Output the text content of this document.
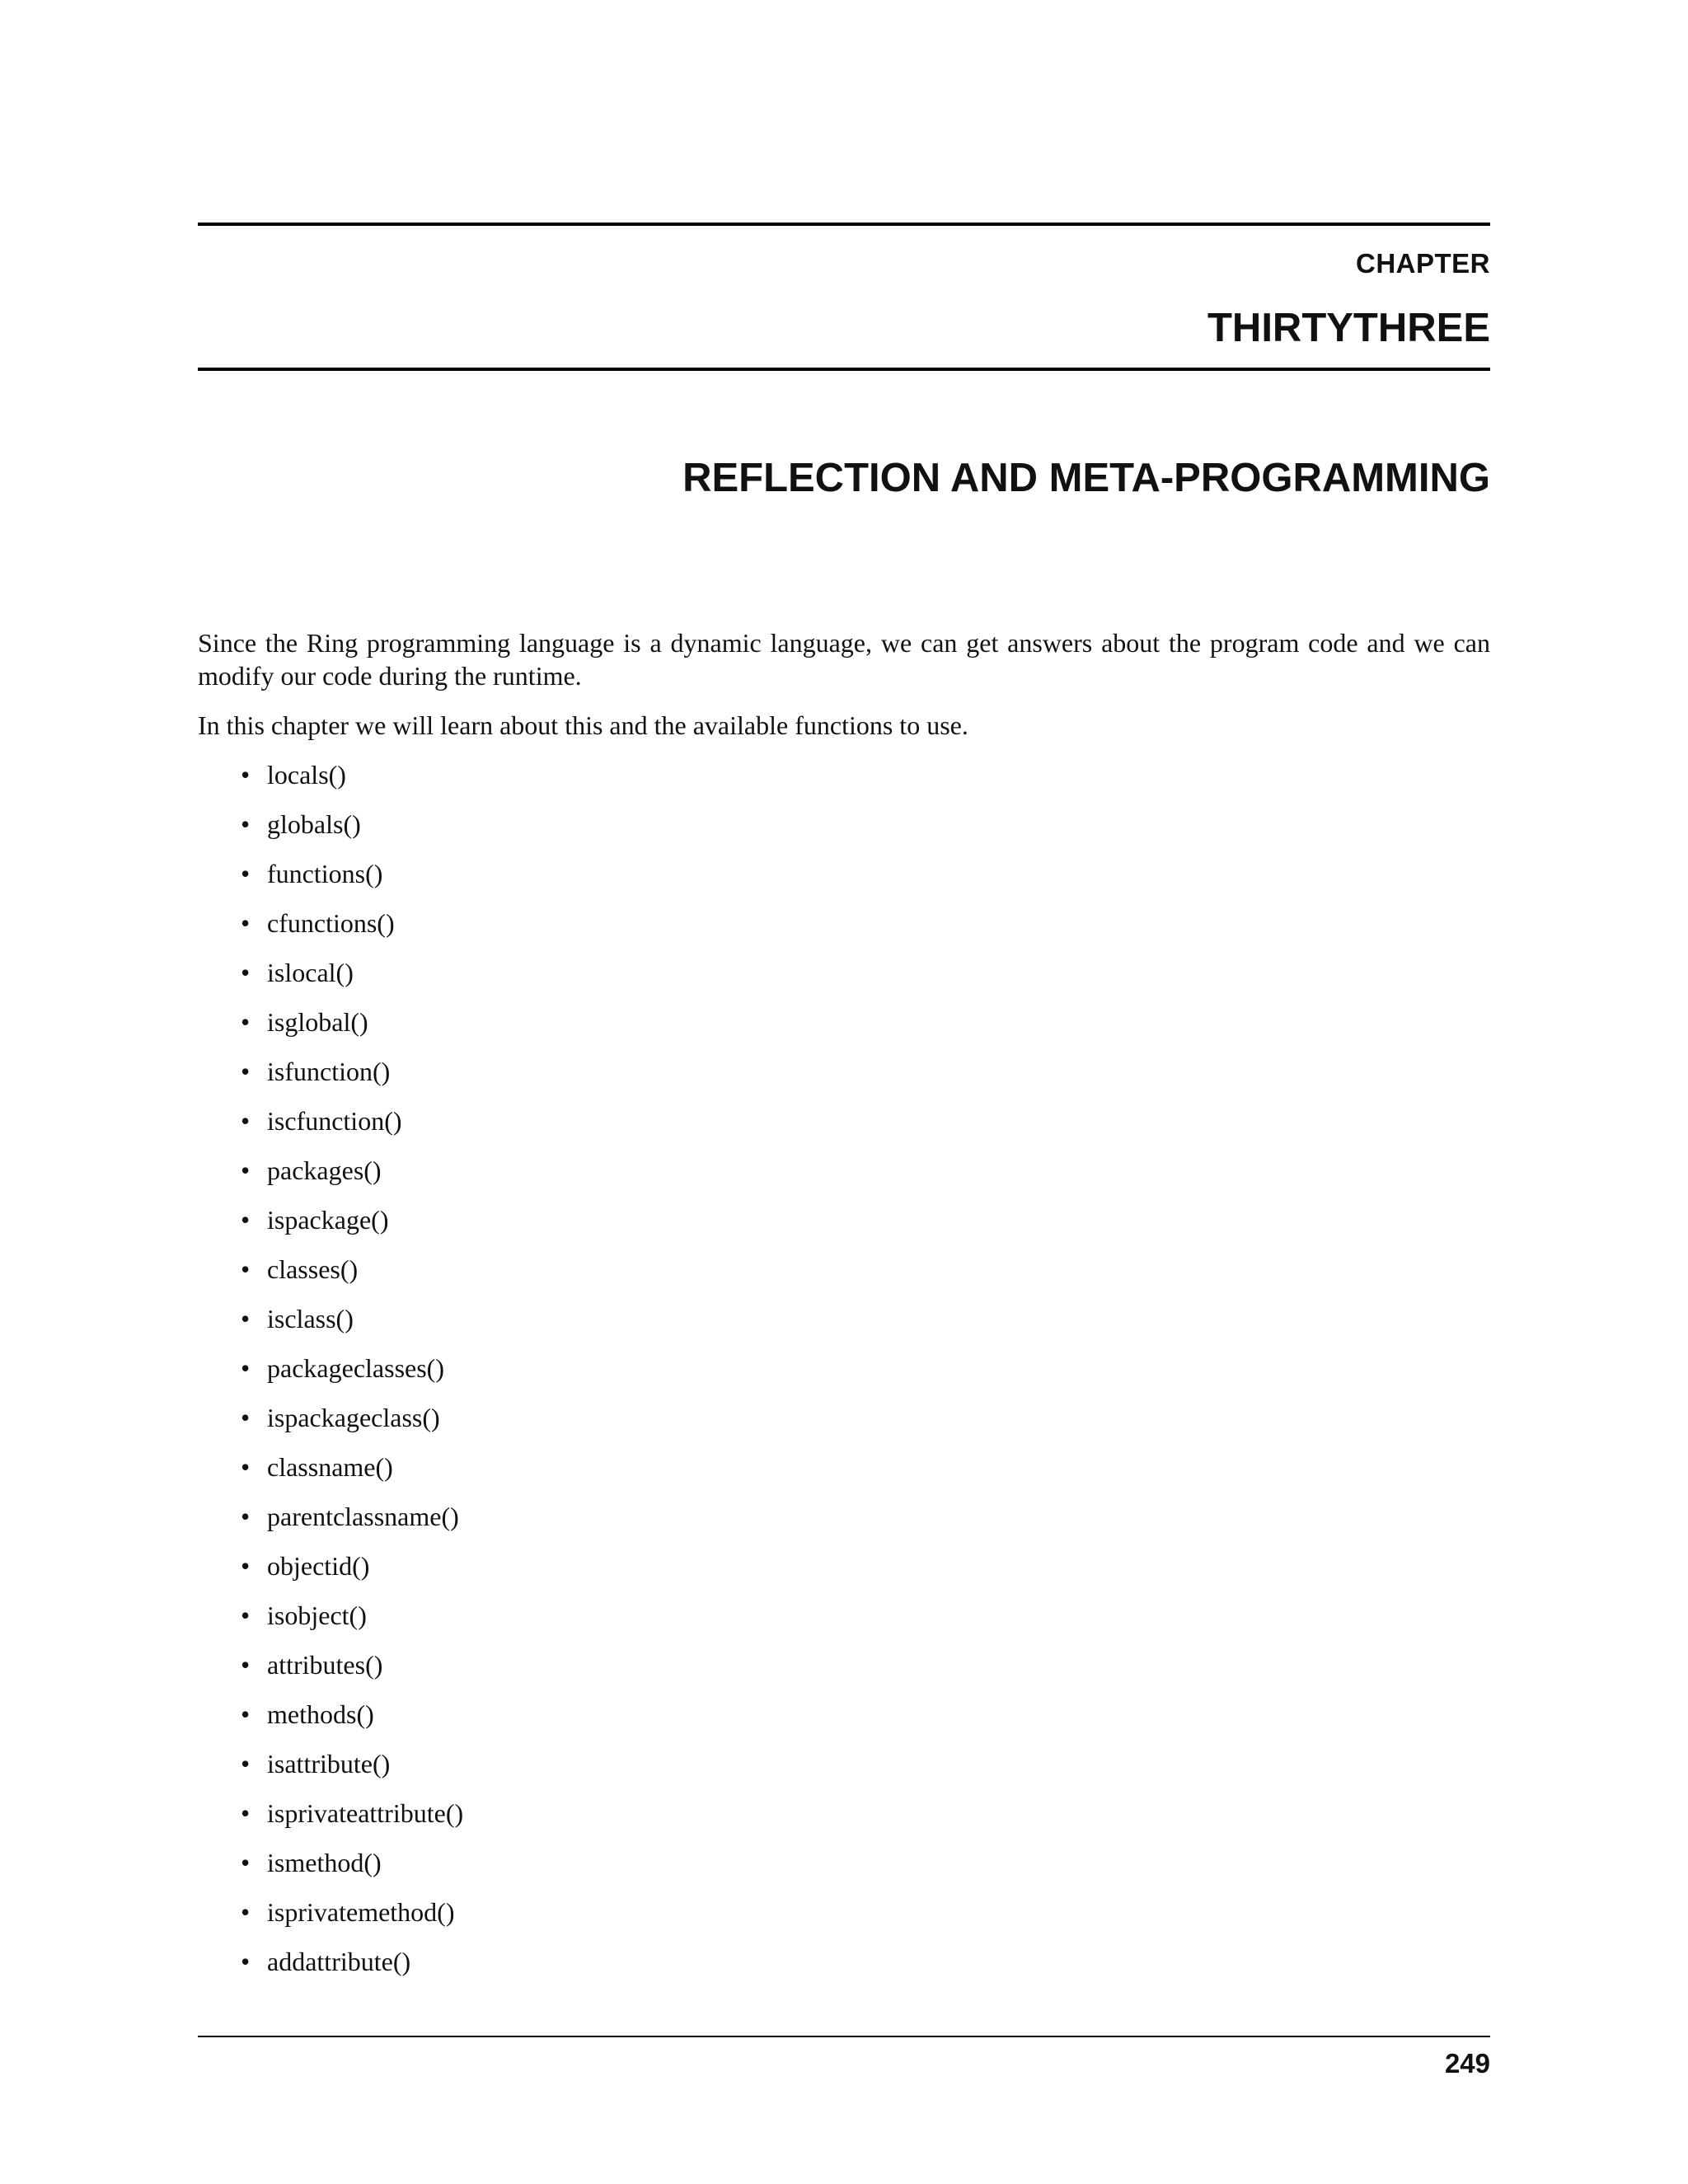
CHAPTER
THIRTYTHREE
REFLECTION AND META-PROGRAMMING

Since the Ring programming language is a dynamic language, we can get answers about the program code and we can modify our code during the runtime.

In this chapter we will learn about this and the available functions to use.

• locals()
• globals()
• functions()
• cfunctions()
• islocal()
• isglobal()
• isfunction()
• iscfunction()
• packages()
• ispackage()
• classes()
• isclass()
• packageclasses()
• ispackageclass()
• classname()
• parentclassname()
• objectid()
• isobject()
• attributes()
• methods()
• isattribute()
• isprivateattribute()
• ismethod()
• isprivatemethod()
• addattribute()
249
